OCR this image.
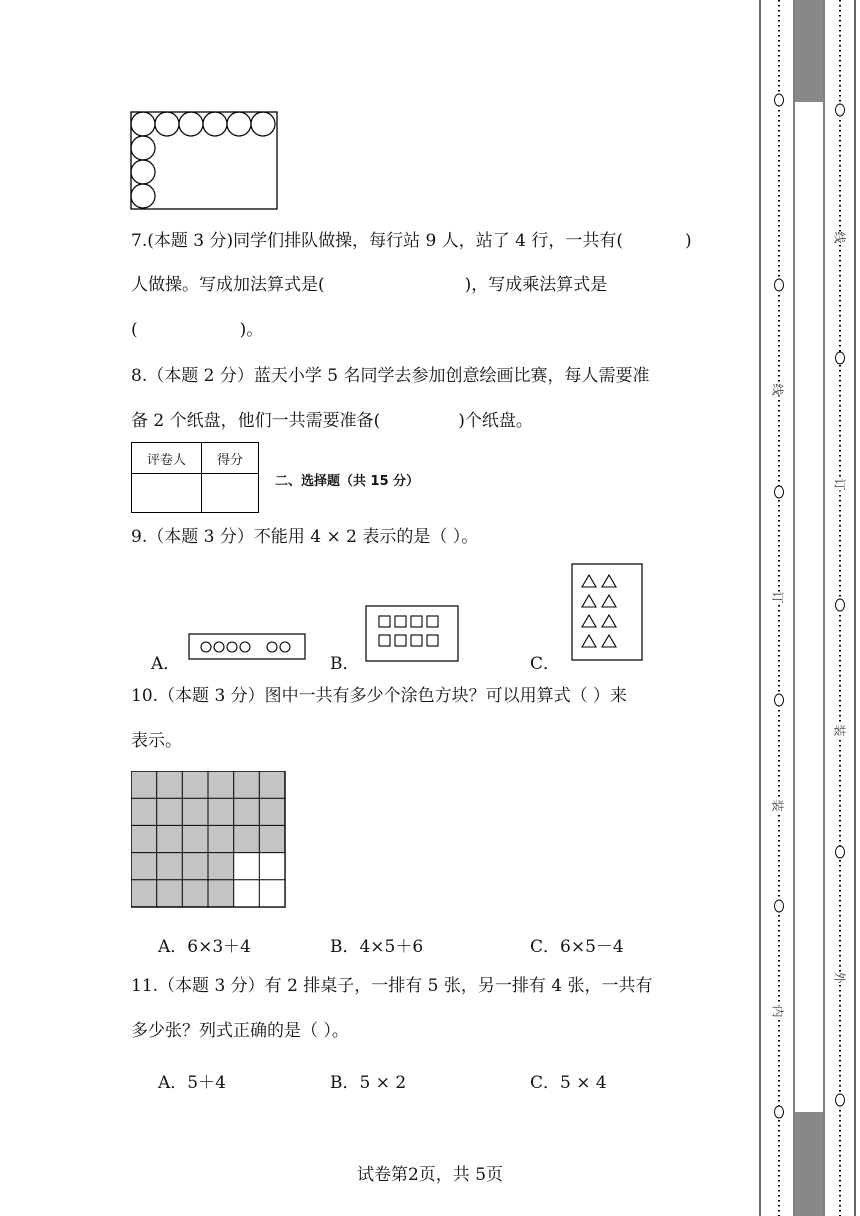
7.(本题 3 分)同学们排队做操，每行站 9 人，站了 4 行，一共有(	)
人做操。写成加法算式是(	)，写成乘法算式是
(	)。
8.（本题 2 分）蓝天小学 5 名同学去参加创意绘画比赛，每人需要准
备 2 个纸盘，他们一共需要准备(	)个纸盘。
评卷人	得分

二、选择题（共 15 分）
9.（本题 3 分）不能用 4 × 2 表示的是（ ）。
A．	B．	C．
10.（本题 3 分）图中一共有多少个涂色方块？可以用算式（ ）来
表示。
A．6×3＋4	B．4×5＋6	C．6×5－4
11.（本题 3 分）有 2 排桌子，一排有 5 张，另一排有 4 张，一共有
多少张？列式正确的是（ ）。
A．5＋4	B．5 × 2	C．5 × 4
试卷第2页，共 5页
线
订
装
内
线
订
装
外
